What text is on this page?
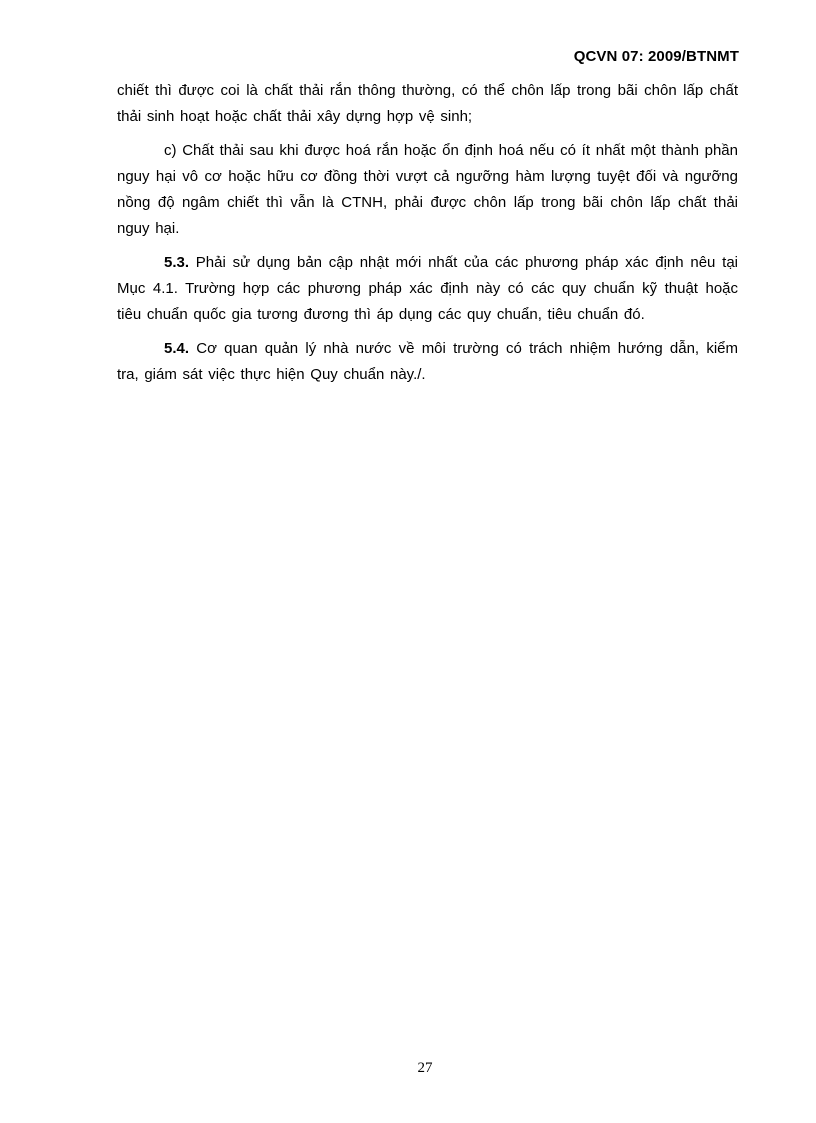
QCVN 07: 2009/BTNMT

chiết thì được coi là chất thải rắn thông thường, có thể chôn lấp trong bãi chôn lấp chất thải sinh hoạt hoặc chất thải xây dựng hợp vệ sinh;

c) Chất thải sau khi được hoá rắn hoặc ổn định hoá nếu có ít nhất một thành phần nguy hại vô cơ hoặc hữu cơ đồng thời vượt cả ngưỡng hàm lượng tuyệt đối và ngưỡng nồng độ ngâm chiết thì vẫn là CTNH, phải được chôn lấp trong bãi chôn lấp chất thải nguy hại.

5.3. Phải sử dụng bản cập nhật mới nhất của các phương pháp xác định nêu tại Mục 4.1. Trường hợp các phương pháp xác định này có các quy chuẩn kỹ thuật hoặc tiêu chuẩn quốc gia tương đương thì áp dụng các quy chuẩn, tiêu chuẩn đó.

5.4. Cơ quan quản lý nhà nước về môi trường có trách nhiệm hướng dẫn, kiểm tra, giám sát việc thực hiện Quy chuẩn này./.

27
